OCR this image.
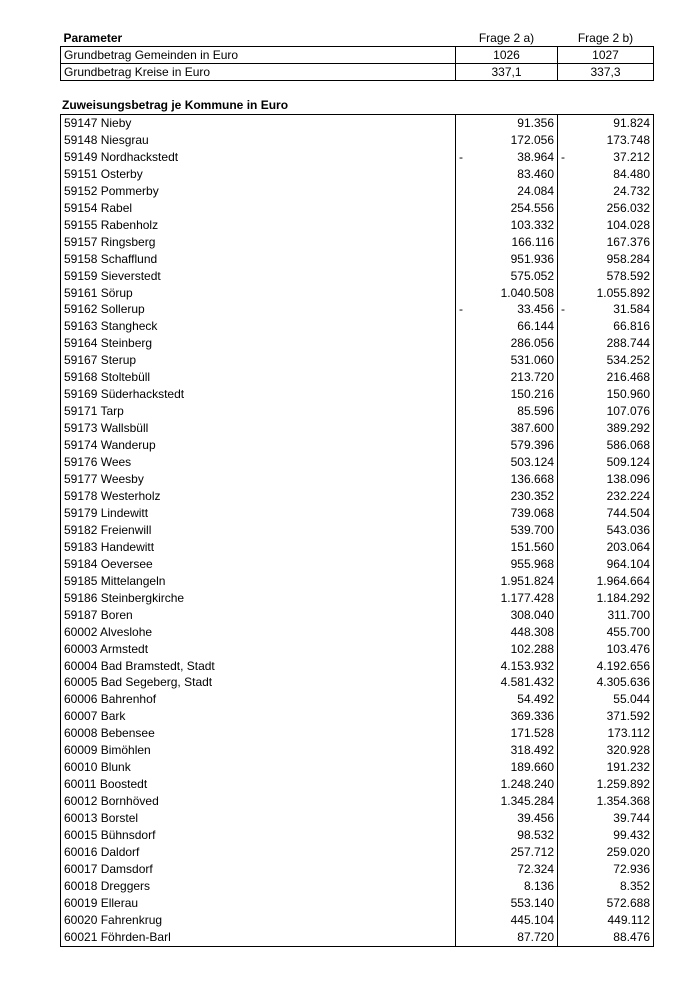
Parameter	Frage 2 a)	Frage 2 b)
Grundbetrag Gemeinden in Euro	1026	1027
Grundbetrag Kreise in Euro	337,1	337,3
Zuweisungsbetrag je Kommune in Euro
59147 Nieby	91.356	91.824
59148 Niesgrau	172.056	173.748
59149 Nordhackstedt	- 38.964	- 37.212
59151 Osterby	83.460	84.480
59152 Pommerby	24.084	24.732
59154 Rabel	254.556	256.032
59155 Rabenholz	103.332	104.028
59157 Ringsberg	166.116	167.376
59158 Schafflund	951.936	958.284
59159 Sieverstedt	575.052	578.592
59161 Sörup	1.040.508	1.055.892
59162 Sollerup	- 33.456	- 31.584
59163 Stangheck	66.144	66.816
59164 Steinberg	286.056	288.744
59167 Sterup	531.060	534.252
59168 Stoltebüll	213.720	216.468
59169 Süderhackstedt	150.216	150.960
59171 Tarp	85.596	107.076
59173 Wallsbüll	387.600	389.292
59174 Wanderup	579.396	586.068
59176 Wees	503.124	509.124
59177 Weesby	136.668	138.096
59178 Westerholz	230.352	232.224
59179 Lindewitt	739.068	744.504
59182 Freienwill	539.700	543.036
59183 Handewitt	151.560	203.064
59184 Oeversee	955.968	964.104
59185 Mittelangeln	1.951.824	1.964.664
59186 Steinbergkirche	1.177.428	1.184.292
59187 Boren	308.040	311.700
60002 Alveslohe	448.308	455.700
60003 Armstedt	102.288	103.476
60004 Bad Bramstedt, Stadt	4.153.932	4.192.656
60005 Bad Segeberg, Stadt	4.581.432	4.305.636
60006 Bahrenhof	54.492	55.044
60007 Bark	369.336	371.592
60008 Bebensee	171.528	173.112
60009 Bimöhlen	318.492	320.928
60010 Blunk	189.660	191.232
60011 Boostedt	1.248.240	1.259.892
60012 Bornhöved	1.345.284	1.354.368
60013 Borstel	39.456	39.744
60015 Bühnsdorf	98.532	99.432
60016 Daldorf	257.712	259.020
60017 Damsdorf	72.324	72.936
60018 Dreggers	8.136	8.352
60019 Ellerau	553.140	572.688
60020 Fahrenkrug	445.104	449.112
60021 Föhrden-Barl	87.720	88.476
